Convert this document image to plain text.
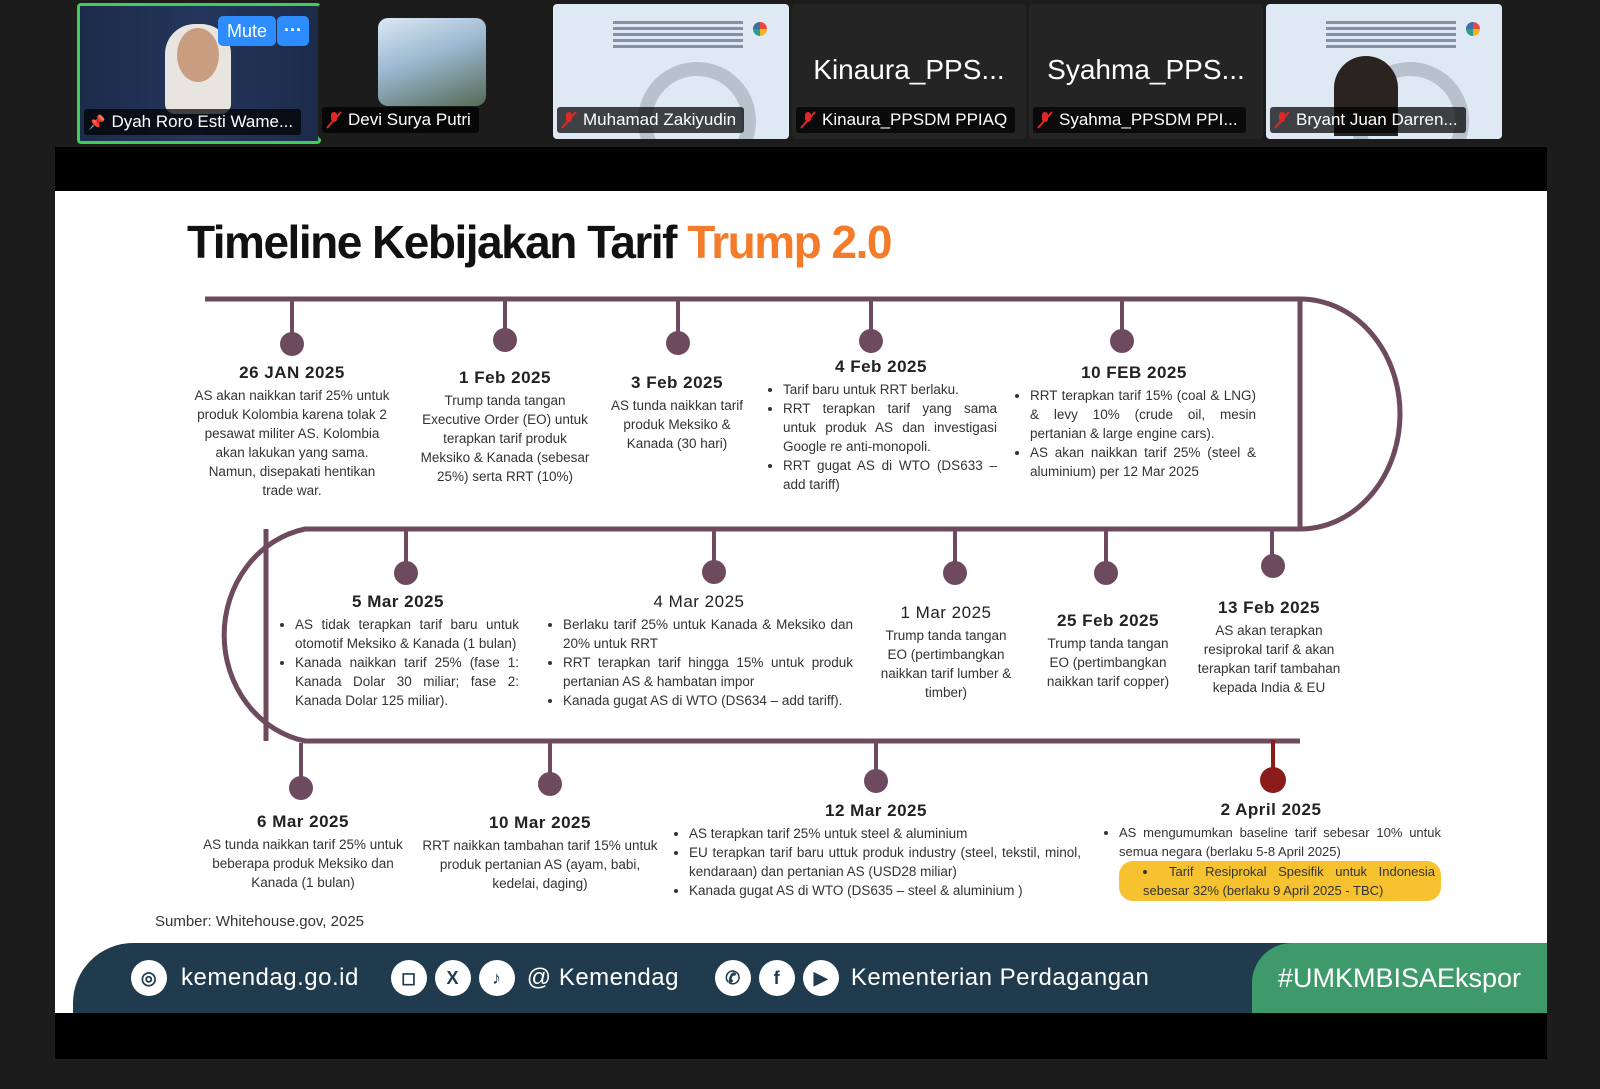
Mute ···
📌 Dyah Roro Esti Wame...	Devi Surya Putri	Muhamad Zakiyudin
Kinaura_PPS...
Kinaura_PPSDM PPIAQ
Syahma_PPS...
Syahma_PPSDM PPI...	Bryant Juan Darren...
Timeline Kebijakan Tarif Trump 2.0
26 JAN 2025

AS akan naikkan tarif 25% untuk produk Kolombia karena tolak 2 pesawat militer AS. Kolombia akan lakukan yang sama. Namun, disepakati hentikan trade war.

1 Feb 2025

Trump tanda tangan Executive Order (EO) untuk terapkan tarif produk Meksiko & Kanada (sebesar 25%) serta RRT (10%)

3 Feb 2025

AS tunda naikkan tarif produk Meksiko & Kanada (30 hari)

4 Feb 2025
• Tarif baru untuk RRT berlaku.
• RRT terapkan tarif yang sama untuk produk AS dan investigasi Google re anti-monopoli.
• RRT gugat AS di WTO (DS633 – add tariff)
10 FEB 2025
• RRT terapkan tarif 15% (coal & LNG) & levy 10% (crude oil, mesin pertanian & large engine cars).
• AS akan naikkan tarif 25% (steel & aluminium) per 12 Mar 2025
5 Mar 2025
• AS tidak terapkan tarif baru untuk otomotif Meksiko & Kanada (1 bulan)
• Kanada naikkan tarif 25% (fase 1: Kanada Dolar 30 miliar; fase 2: Kanada Dolar 125 miliar).
4 Mar 2025
• Berlaku tarif 25% untuk Kanada & Meksiko dan 20% untuk RRT
• RRT terapkan tarif hingga 15% untuk produk pertanian AS & hambatan impor
• Kanada gugat AS di WTO (DS634 – add tariff).
1 Mar 2025

Trump tanda tangan EO (pertimbangkan naikkan tarif lumber & timber)

25 Feb 2025

Trump tanda tangan EO (pertimbangkan naikkan tarif copper)

13 Feb 2025

AS akan terapkan resiprokal tarif & akan terapkan tarif tambahan kepada India & EU

6 Mar 2025

AS tunda naikkan tarif 25% untuk beberapa produk Meksiko dan Kanada (1 bulan)

10 Mar 2025

RRT naikkan tambahan tarif 15% untuk produk pertanian AS (ayam, babi, kedelai, daging)

12 Mar 2025
• AS terapkan tarif 25% untuk steel & aluminium
• EU terapkan tarif baru uttuk produk industry (steel, tekstil, minol, kendaraan) dan pertanian AS (USD28 miliar)
• Kanada gugat AS di WTO (DS635 – steel & aluminium )
2 April 2025
• AS mengumumkan baseline tarif sebesar 10% untuk semua negara (berlaku 5-8 April 2025)
• Tarif Resiprokal Spesifik untuk Indonesia sebesar 32% (berlaku 9 April 2025 - TBC)
Sumber: Whitehouse.gov, 2025
◎ kemendag.go.id	◻	X	♪	@ Kemendag	✆	f	▶ Kementerian Perdagangan	#UMKMBISAEkspor
